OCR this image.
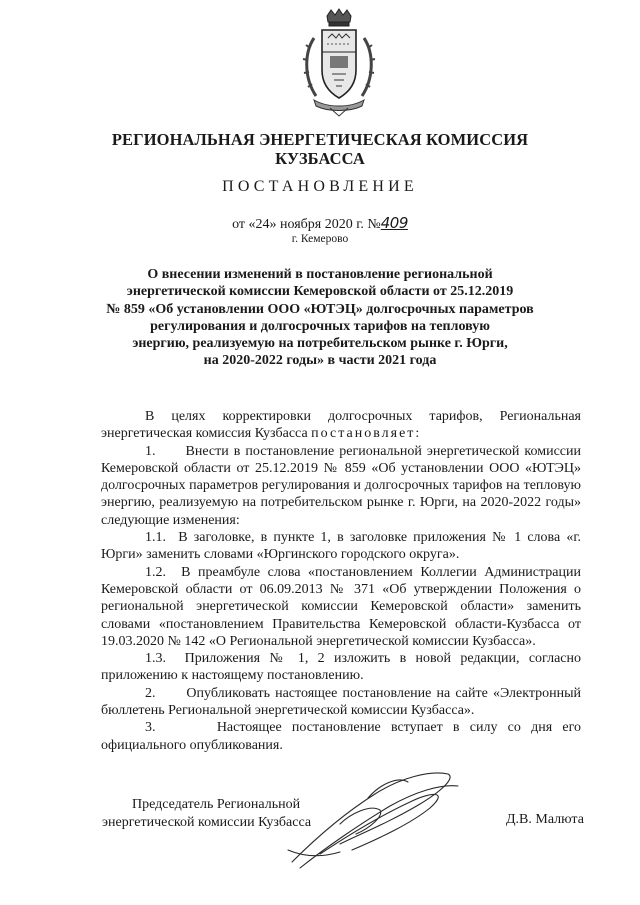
РЕГИОНАЛЬНАЯ ЭНЕРГЕТИЧЕСКАЯ КОМИССИЯ
КУЗБАССА
ПОСТАНОВЛЕНИЕ
от «24» ноября 2020 г. №409
г. Кемерово
О внесении изменений в постановление региональной
энергетической комиссии Кемеровской области от 25.12.2019
№ 859 «Об установлении ООО «ЮТЭЦ» долгосрочных параметров
регулирования и долгосрочных тарифов на тепловую
энергию, реализуемую на потребительском рынке г. Юрги,
на 2020-2022 годы» в части 2021 года

В целях корректировки долгосрочных тарифов, Региональная энергетическая комиссия Кузбасса постановляет:

1.      Внести в постановление региональной энергетической комиссии Кемеровской области от 25.12.2019 № 859 «Об установлении ООО «ЮТЭЦ» долгосрочных параметров регулирования и долгосрочных тарифов на тепловую энергию, реализуемую на потребительском рынке г. Юрги, на 2020-2022 годы» следующие изменения:

1.1.  В заголовке, в пункте 1, в заголовке приложения № 1 слова «г. Юрги» заменить словами «Юргинского городского округа».

1.2.  В преамбуле слова «постановлением Коллегии Администрации Кемеровской области от 06.09.2013 № 371 «Об утверждении Положения о региональной энергетической комиссии Кемеровской области» заменить словами «постановлением Правительства Кемеровской области-Кузбасса от 19.03.2020 № 142 «О Региональной энергетической комиссии Кузбасса».

1.3.  Приложения № 1, 2 изложить в новой редакции, согласно приложению к настоящему постановлению.

2.      Опубликовать настоящее постановление на сайте «Электронный бюллетень Региональной энергетической комиссии Кузбасса».

3.      Настоящее постановление вступает в силу со дня его официального опубликования.

Председатель Региональной
энергетической комиссии Кузбасса	Д.В. Малюта
